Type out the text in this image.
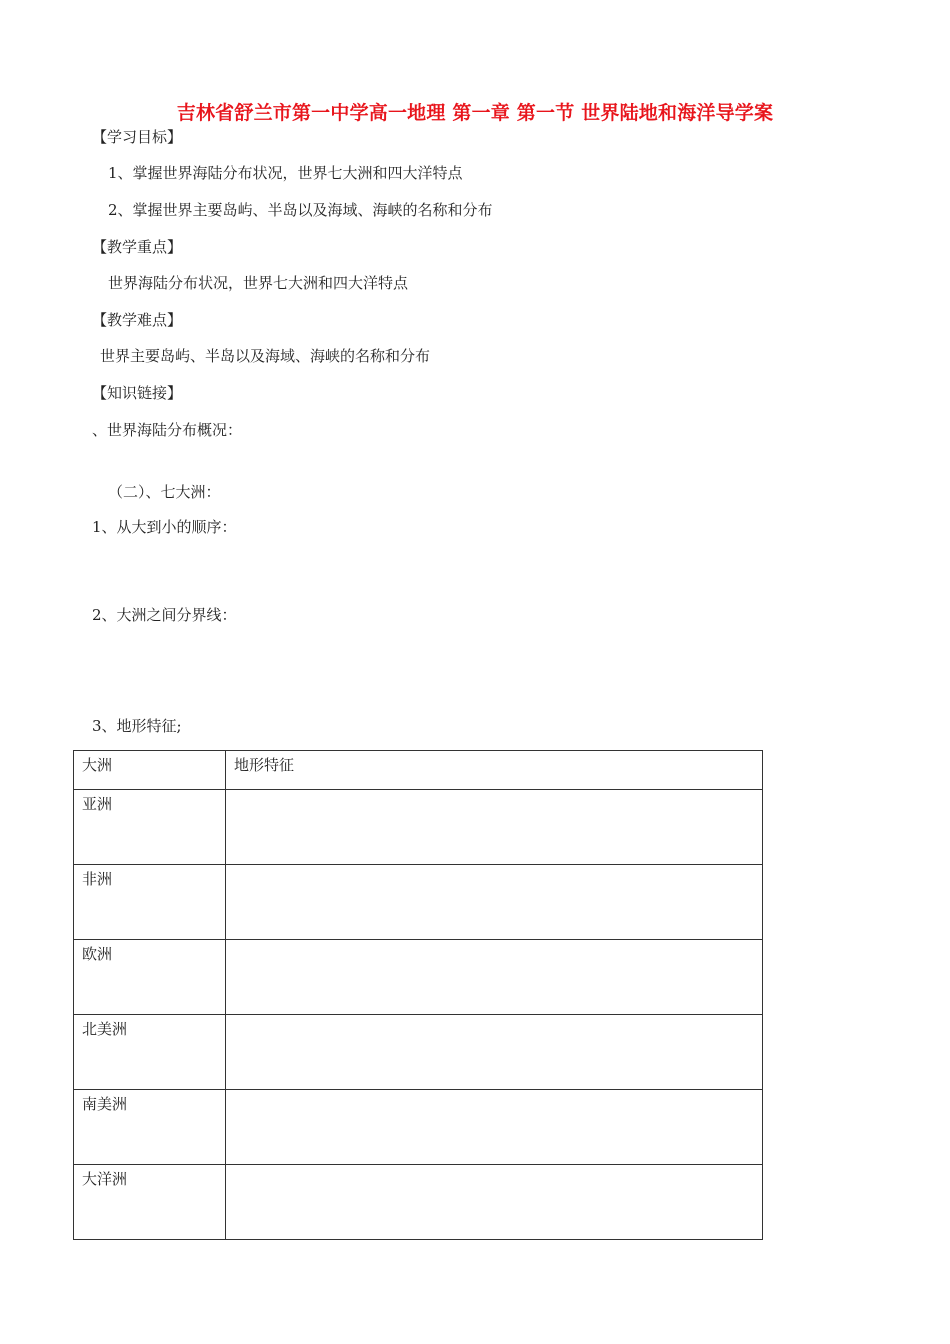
吉林省舒兰市第一中学高一地理 第一章 第一节 世界陆地和海洋导学案
【学习目标】
1、掌握世界海陆分布状况，世界七大洲和四大洋特点
2、掌握世界主要岛屿、半岛以及海域、海峡的名称和分布
【教学重点】
世界海陆分布状况，世界七大洲和四大洋特点
【教学难点】
世界主要岛屿、半岛以及海域、海峡的名称和分布
【知识链接】
、世界海陆分布概况：
（二）、七大洲：
1、从大到小的顺序：
2、大洲之间分界线：
3、地形特征;
大洲	地形特征
亚洲	
非洲	
欧洲	
北美洲	
南美洲	
大洋洲	
